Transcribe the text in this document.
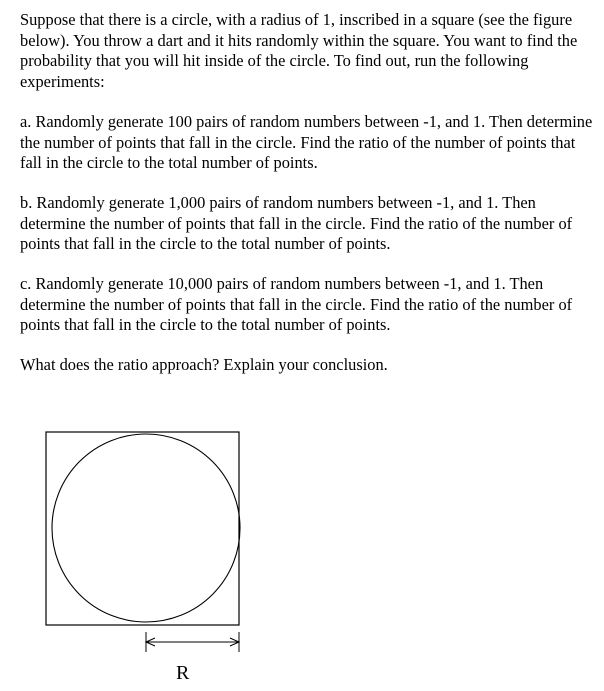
Suppose that there is a circle, with a radius of 1, inscribed in a square (see the figure below). You throw a dart and it hits randomly within the square. You want to find the probability that you will hit inside of the circle. To find out, run the following experiments:

a. Randomly generate 100 pairs of random numbers between -1, and 1. Then determine the number of points that fall in the circle. Find the ratio of the number of points that fall in the circle to the total number of points.

b. Randomly generate 1,000 pairs of random numbers between -1, and 1. Then determine the number of points that fall in the circle. Find the ratio of the number of points that fall in the circle to the total number of points.

c. Randomly generate 10,000 pairs of random numbers between -1, and 1. Then determine the number of points that fall in the circle. Find the ratio of the number of points that fall in the circle to the total number of points.

What does the ratio approach? Explain your conclusion.

R
